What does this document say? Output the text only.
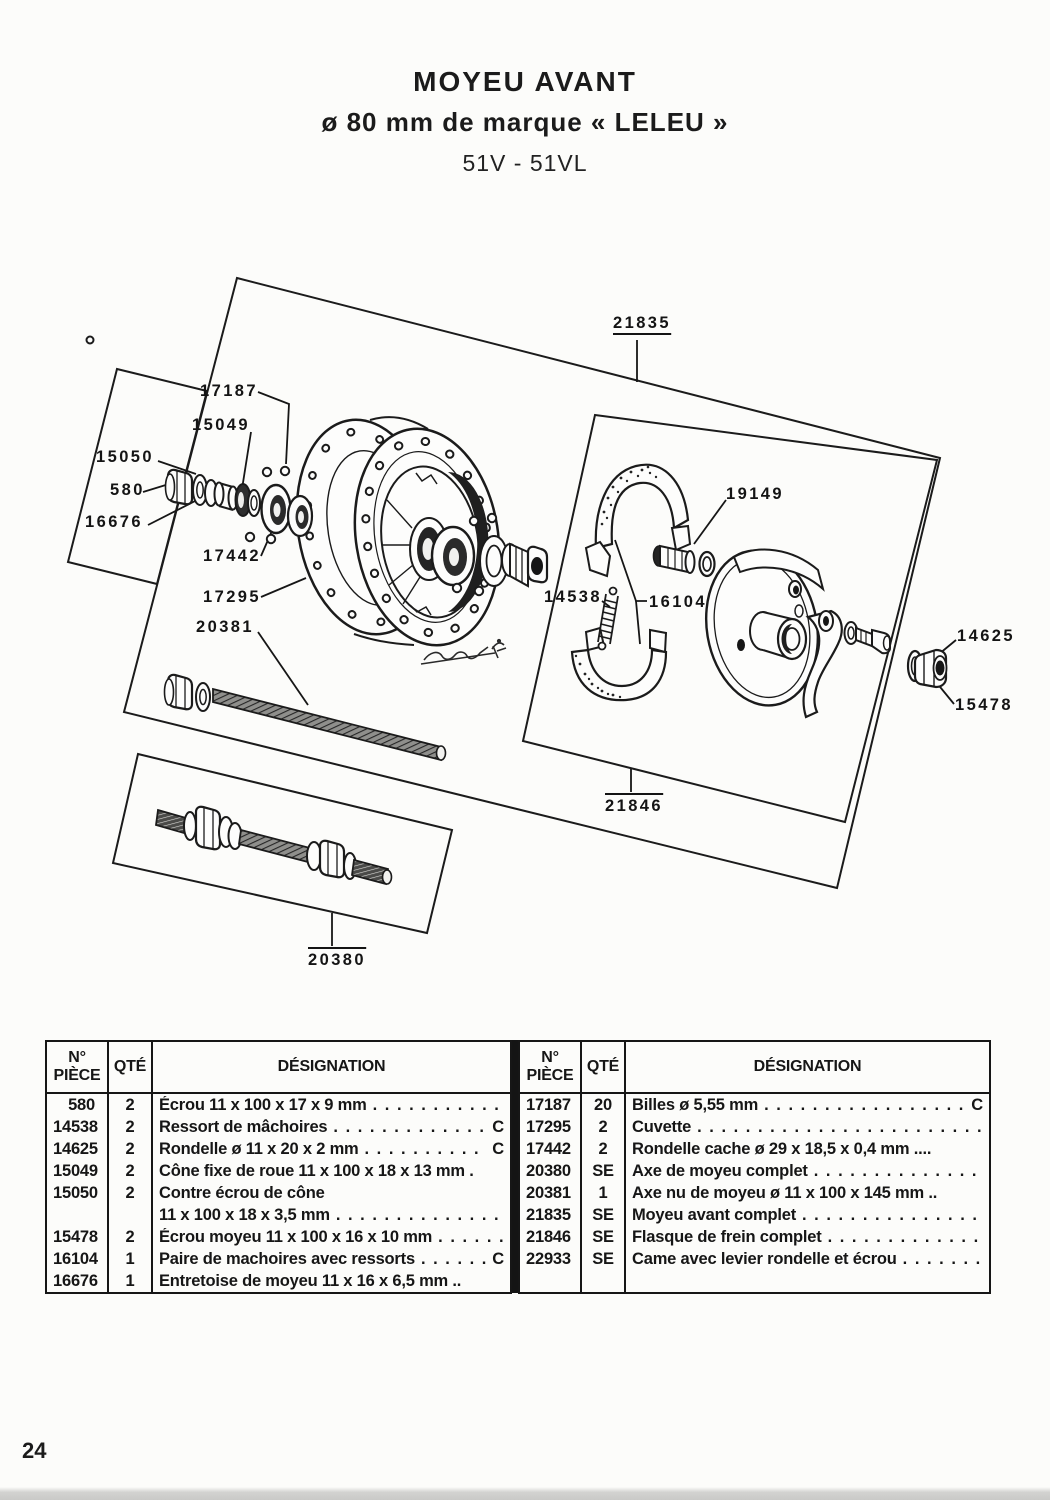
MOYEU AVANT
ø 80 mm de marque « LELEU »
51V - 51VL
21835
17187
15049
15050
580
16676
17442
17295
20381
19149
14538	16104
14625
15478
21846
20380
N°
PIÈCE	QTÉ	DÉSIGNATION
580	2	Écrou 11 x 100 x 17 x 9 mm
. . .

14538	2	Ressort de mâchoires . . . C

14625	2	Rondelle ø 11 x 20 x 2 mm . . . C

15049	2	Cône fixe de roue 11 x 100 x 18 x 13 mm .

15050	2	Contre écrou de cône

		11 x 100 x 18 x 3,5 mm
. . .

15478	2	Écrou moyeu 11 x 100 x 16 x 10 mm
. . .

16104	1	Paire de machoires avec ressorts . . . C

16676	1	Entretoise de moyeu 11 x 16 x 6,5 mm ..
N°
PIÈCE	QTÉ	DÉSIGNATION
17187	20	Billes ø 5,55 mm . . . C

17295	2	Cuvette
. . .

17442	2	Rondelle cache ø 29 x 18,5 x 0,4 mm ....

20380	SE	Axe de moyeu complet
. . .

20381	1	Axe nu de moyeu ø 11 x 100 x 145 mm ..

21835	SE	Moyeu avant complet
. . .

21846	SE	Flasque de frein complet
. . .

22933	SE	Came avec levier rondelle et écrou
. . .

24
